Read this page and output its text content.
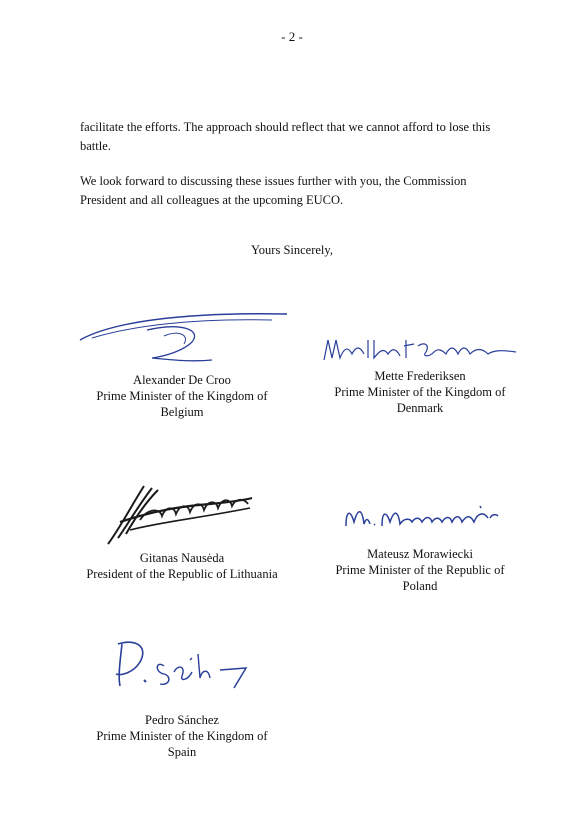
- 2 -
facilitate the efforts. The approach should reflect that we cannot afford to lose this
battle.
We look forward to discussing these issues further with you, the Commission
President and all colleagues at the upcoming EUCO.
Yours Sincerely,
Alexander De Croo
Prime Minister of the Kingdom of
Belgium
Mette Frederiksen
Prime Minister of the Kingdom of
Denmark
Gitanas Nausėda
President of the Republic of Lithuania
Mateusz Morawiecki
Prime Minister of the Republic of
Poland
Pedro Sánchez
Prime Minister of the Kingdom of
Spain
